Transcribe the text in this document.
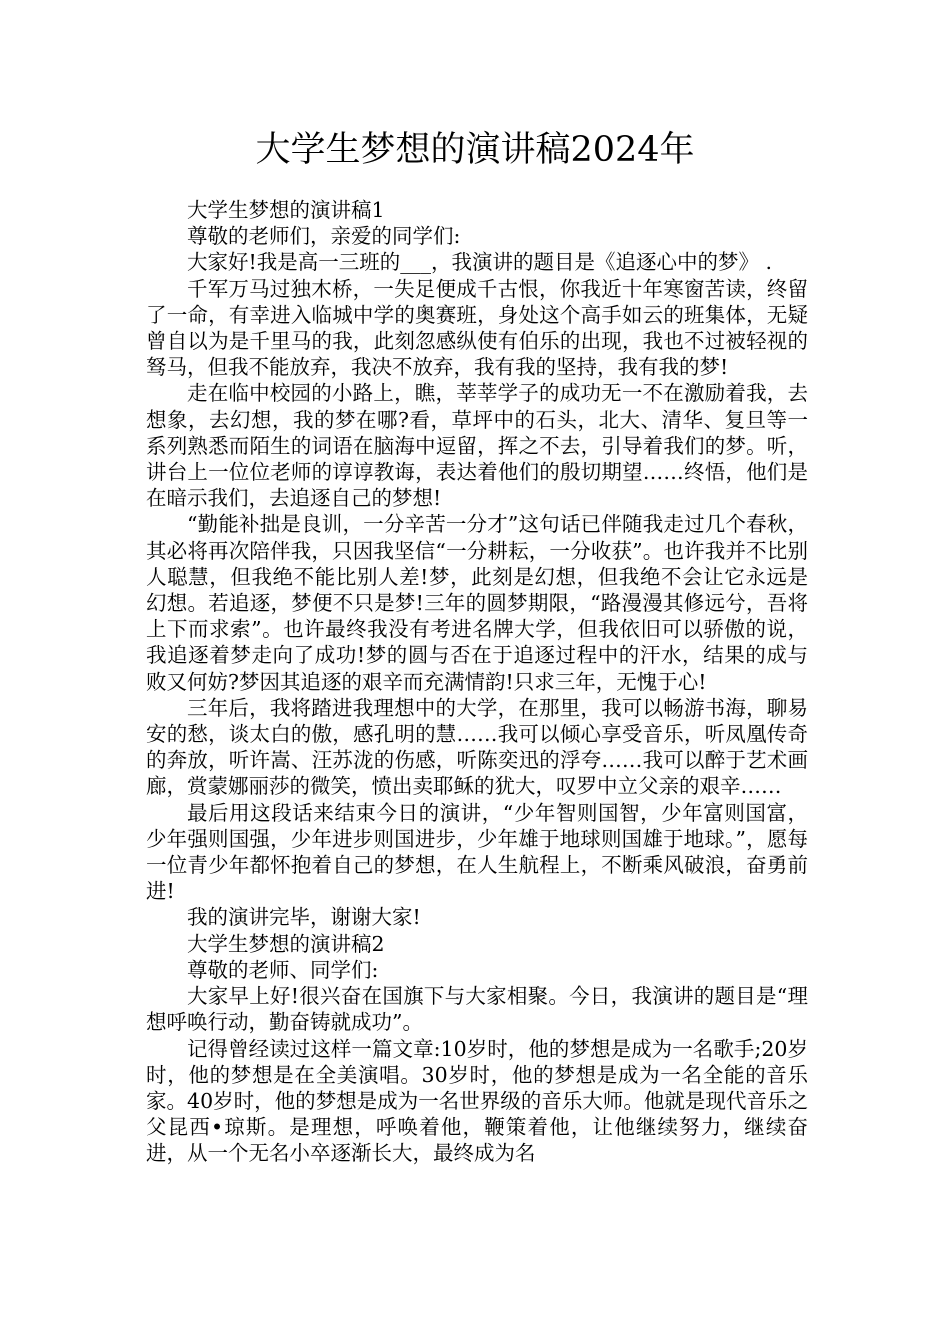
大学生梦想的演讲稿2024年

大学生梦想的演讲稿1

尊敬的老师们，亲爱的同学们:

大家好!我是高一三班的___，我演讲的题目是《追逐心中的梦》 .

千军万马过独木桥，一失足便成千古恨，你我近十年寒窗苦读，终留了一命，有幸进入临城中学的奥赛班，身处这个高手如云的班集体，无疑曾自以为是千里马的我，此刻忽感纵使有伯乐的出现，我也不过被轻视的驽马，但我不能放弃，我决不放弃，我有我的坚持，我有我的梦!

走在临中校园的小路上，瞧，莘莘学子的成功无一不在激励着我，去想象，去幻想，我的梦在哪?看，草坪中的石头，北大、清华、复旦等一系列熟悉而陌生的词语在脑海中逗留，挥之不去，引导着我们的梦。听，讲台上一位位老师的谆谆教诲，表达着他们的殷切期望……终悟，他们是在暗示我们，去追逐自己的梦想!

“勤能补拙是良训，一分辛苦一分才”这句话已伴随我走过几个春秋，其必将再次陪伴我，只因我坚信“一分耕耘，一分收获”。也许我并不比别人聪慧，但我绝不能比别人差!梦，此刻是幻想，但我绝不会让它永远是幻想。若追逐，梦便不只是梦!三年的圆梦期限，“路漫漫其修远兮，吾将上下而求索”。也许最终我没有考进名牌大学，但我依旧可以骄傲的说，我追逐着梦走向了成功!梦的圆与否在于追逐过程中的汗水，结果的成与败又何妨?梦因其追逐的艰辛而充满情韵!只求三年，无愧于心!

三年后，我将踏进我理想中的大学，在那里，我可以畅游书海，聊易安的愁，谈太白的傲，感孔明的慧……我可以倾心享受音乐，听凤凰传奇的奔放，听许嵩、汪苏泷的伤感，听陈奕迅的浮夸……我可以醉于艺术画廊，赏蒙娜丽莎的微笑，愤出卖耶稣的犹大，叹罗中立父亲的艰辛……

最后用这段话来结束今日的演讲，“少年智则国智，少年富则国富，少年强则国强，少年进步则国进步，少年雄于地球则国雄于地球。”，愿每一位青少年都怀抱着自己的梦想，在人生航程上，不断乘风破浪，奋勇前进!

我的演讲完毕，谢谢大家!

大学生梦想的演讲稿2

尊敬的老师、同学们:

大家早上好!很兴奋在国旗下与大家相聚。今日，我演讲的题目是“理想呼唤行动，勤奋铸就成功”。

记得曾经读过这样一篇文章:10岁时，他的梦想是成为一名歌手;20岁时，他的梦想是在全美演唱。30岁时，他的梦想是成为一名全能的音乐家。40岁时，他的梦想是成为一名世界级的音乐大师。他就是现代音乐之父昆西•琼斯。是理想，呼唤着他，鞭策着他，让他继续努力，继续奋进，从一个无名小卒逐渐长大，最终成为名
